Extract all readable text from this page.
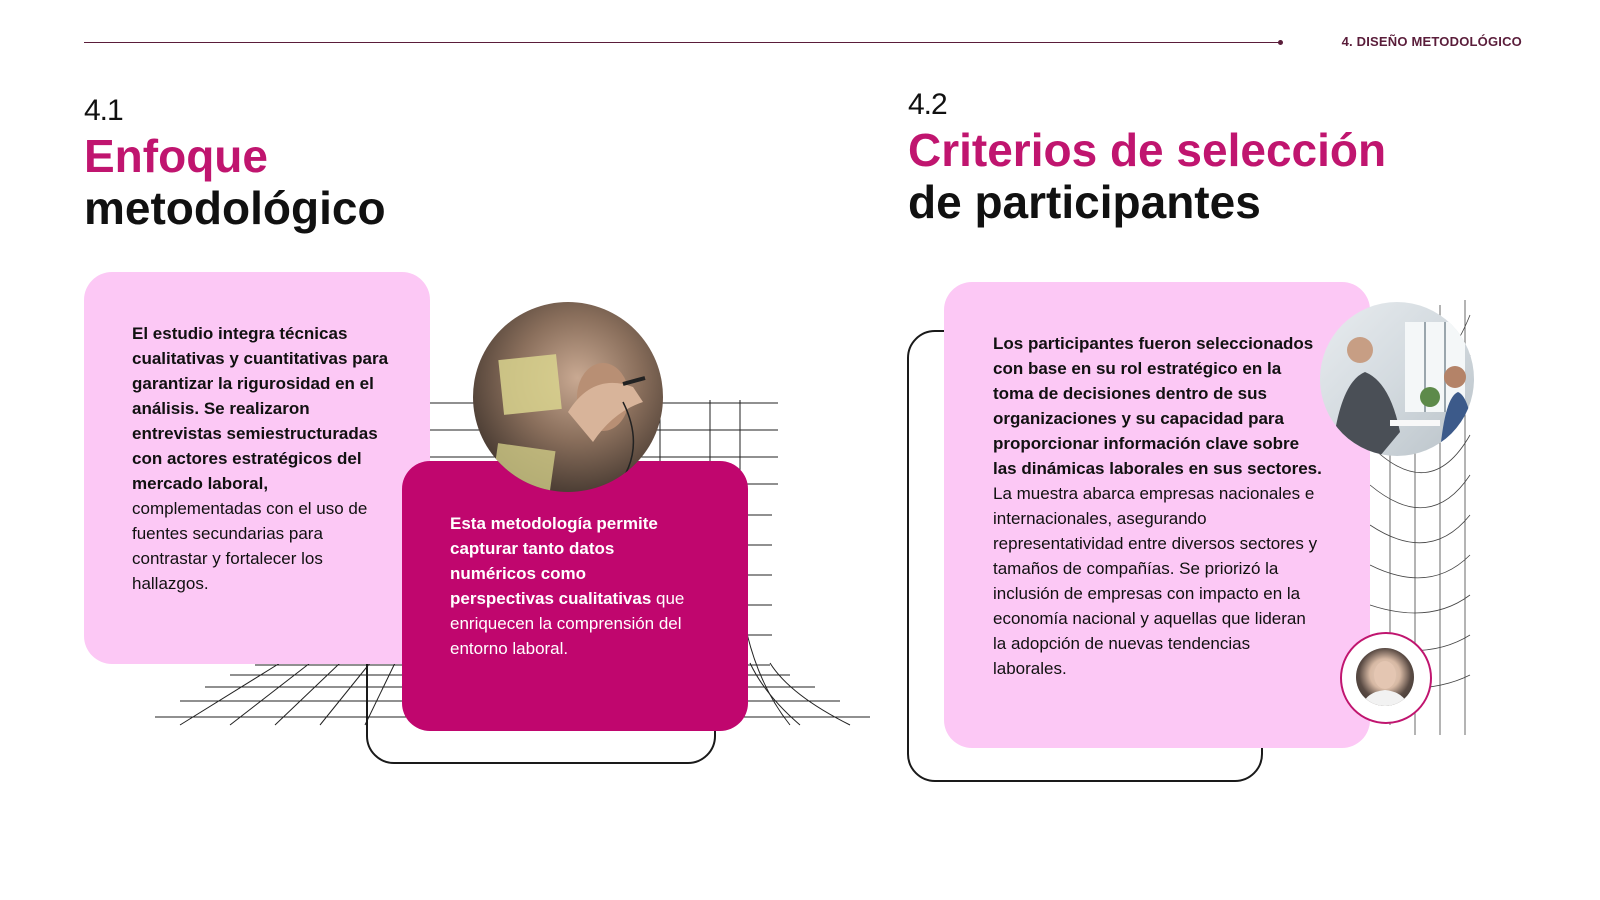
4. DISEÑO METODOLÓGICO
4.1
Enfoque
metodológico
El estudio integra técnicas cualitativas y cuantitativas para garantizar la rigurosidad en el análisis. Se realizaron entrevistas semiestructuradas con actores estratégicos del mercado laboral, complementadas con el uso de fuentes secundarias para contrastar y fortalecer los hallazgos.
Esta metodología permite capturar tanto datos numéricos como perspectivas cualitativas que enriquecen la comprensión del entorno laboral.
4.2
Criterios de selección
de participantes
Los participantes fueron seleccionados con base en su rol estratégico en la toma de decisiones dentro de sus organizaciones y su capacidad para proporcionar información clave sobre las dinámicas laborales en sus sectores. La muestra abarca empresas nacionales e internacionales, asegurando representatividad entre diversos sectores y tamaños de compañías. Se priorizó la inclusión de empresas con impacto en la economía nacional y aquellas que lideran la adopción de nuevas tendencias laborales.
